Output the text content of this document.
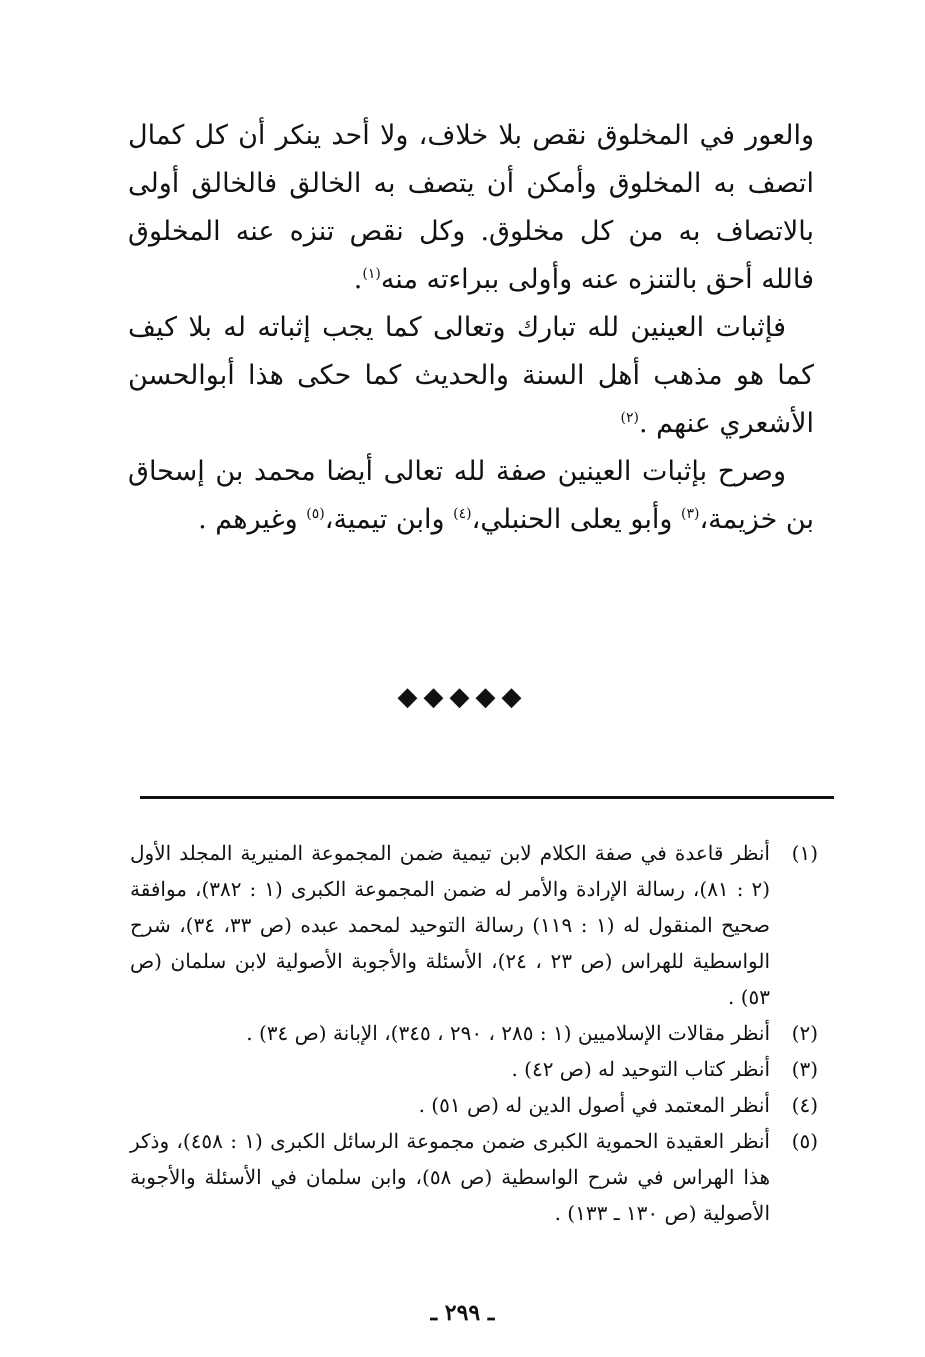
والعور في المخلوق نقص بلا خلاف، ولا أحد ينكر أن كل كمال اتصف به المخلوق وأمكن أن يتصف به الخالق فالخالق أولى بالاتصاف به من كل مخلوق. وكل نقص تنزه عنه المخلوق فالله أحق بالتنزه عنه وأولى ببراءته منه$^{(١)}$.

فإثبات العينين لله تبارك وتعالى كما يجب إثباته له بلا كيف كما هو مذهب أهل السنة والحديث كما حكى هذا أبوالحسن الأشعري عنهم .$^{(٢)}$

وصرح بإثبات العينين صفة لله تعالى أيضا محمد بن إسحاق بن خزيمة،$^{(٣)}$ وأبو يعلى الحنبلي،$^{(٤)}$ وابن تيمية،$^{(٥)}$ وغيرهم .

◆◆◆◆◆
(١)
أنظر قاعدة في صفة الكلام لابن تيمية ضمن المجموعة المنيرية المجلد الأول (٢ : ٨١)، رسالة الإرادة والأمر له ضمن المجموعة الكبرى (١ : ٣٨٢)، موافقة صحيح المنقول له (١ : ١١٩) رسالة التوحيد لمحمد عبده (ص ٣٣، ٣٤)، شرح الواسطية للهراس (ص ٢٣ ، ٢٤)، الأسئلة والأجوبة الأصولية لابن سلمان (ص ٥٣) .
(٢)
أنظر مقالات الإسلاميين (١ : ٢٨٥ ، ٢٩٠ ، ٣٤٥)، الإبانة (ص ٣٤) .
(٣)
أنظر كتاب التوحيد له (ص ٤٢) .
(٤)
أنظر المعتمد في أصول الدين له (ص ٥١) .
(٥)
أنظر العقيدة الحموية الكبرى ضمن مجموعة الرسائل الكبرى (١ : ٤٥٨)، وذكر هذا الهراس في شرح الواسطية (ص ٥٨)، وابن سلمان في الأسئلة والأجوبة الأصولية (ص ١٣٠ ـ ١٣٣) .
ـ ٢٩٩ ـ
